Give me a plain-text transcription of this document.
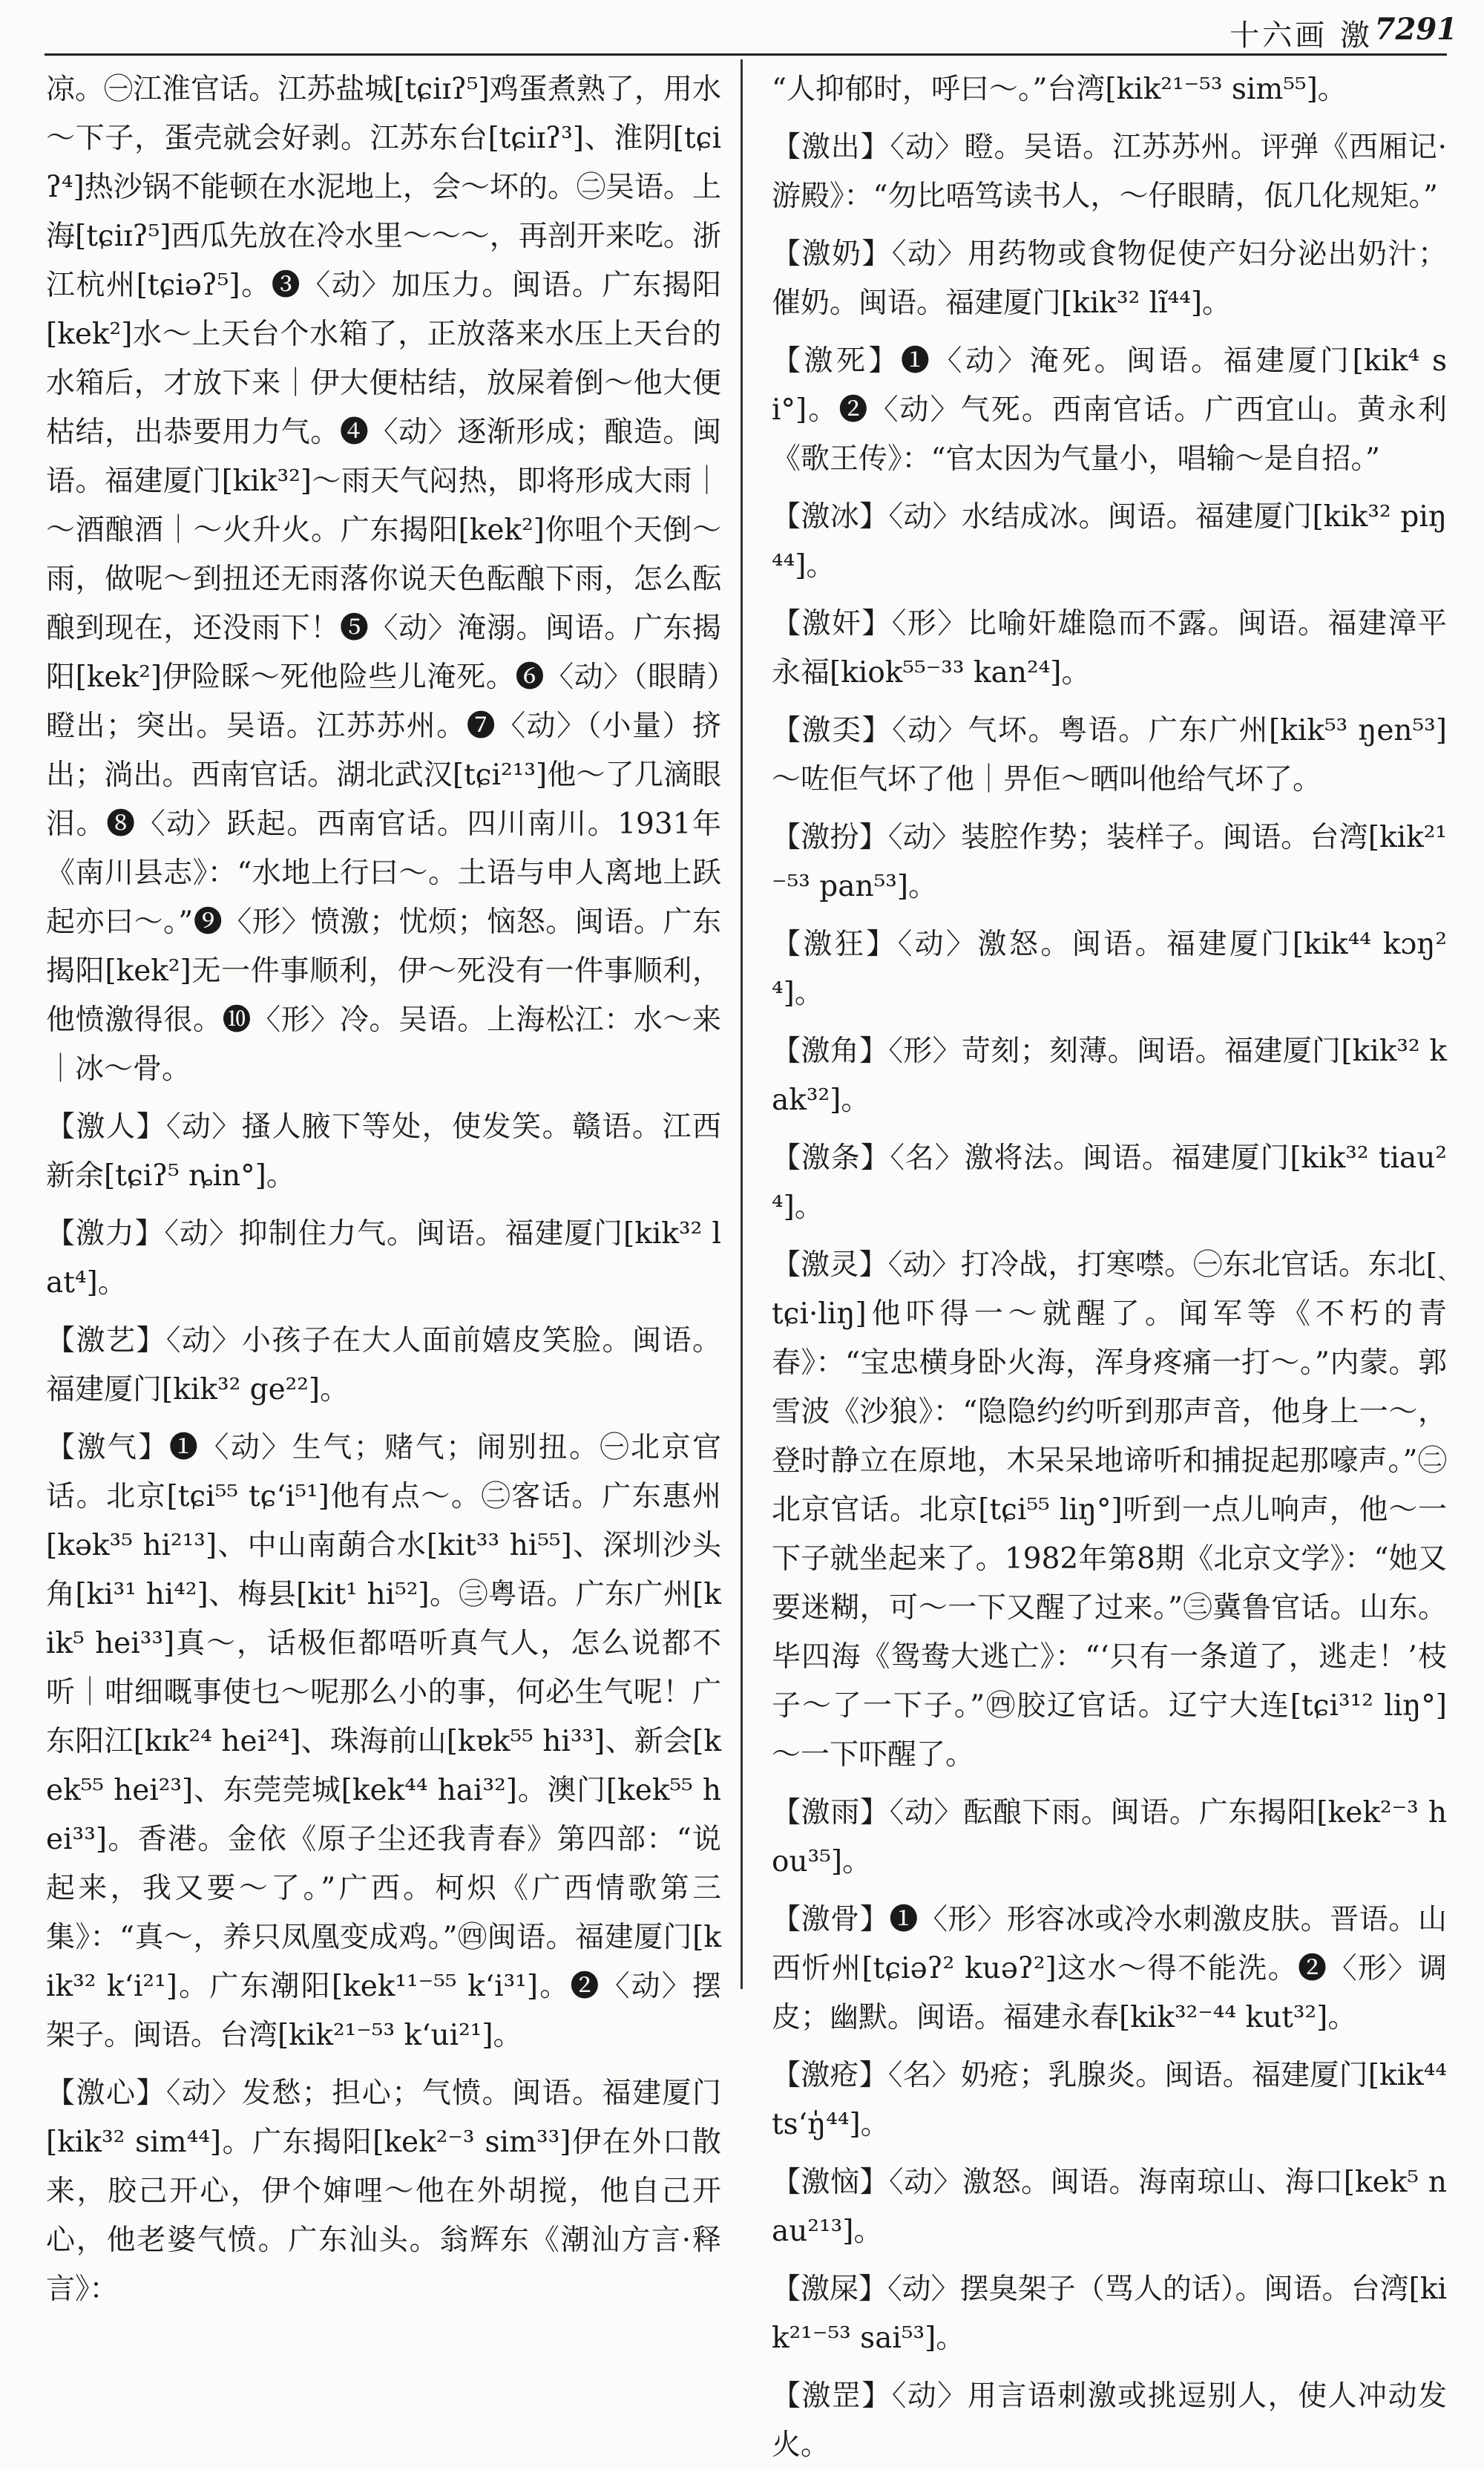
十六画 激 7291

凉。㊀江淮官话。江苏盐城[tɕiɪʔ⁵]鸡蛋煮熟了，用水～下子，蛋壳就会好剥。江苏东台[tɕiɪʔ³]、淮阴[tɕiʔ⁴]热沙锅不能顿在水泥地上，会～坏的。㊁吴语。上海[tɕiɪʔ⁵]西瓜先放在冷水里～～～，再剖开来吃。浙江杭州[tɕiəʔ⁵]。❸〈动〉加压力。闽语。广东揭阳[kek²]水～上天台个水箱了，正放落来水压上天台的水箱后，才放下来｜伊大便枯结，放屎着倒～他大便枯结，出恭要用力气。❹〈动〉逐渐形成；酿造。闽语。福建厦门[kik³²]～雨天气闷热，即将形成大雨｜～酒酿酒｜～火升火。广东揭阳[kek²]你咀个天倒～雨，做呢～到扭还无雨落你说天色酝酿下雨，怎么酝酿到现在，还没雨下！❺〈动〉淹溺。闽语。广东揭阳[kek²]伊险睬～死他险些儿淹死。❻〈动〉（眼睛）瞪出；突出。吴语。江苏苏州。❼〈动〉（小量）挤出；淌出。西南官话。湖北武汉[tɕi²¹³]他～了几滴眼泪。❽〈动〉跃起。西南官话。四川南川。1931年《南川县志》：“水地上行曰～。土语与申人离地上跃起亦曰～。”❾〈形〉愤激；忧烦；恼怒。闽语。广东揭阳[kek²]无一件事顺利，伊～死没有一件事顺利，他愤激得很。❿〈形〉冷。吴语。上海松江：水～来｜冰～骨。

【激人】〈动〉搔人腋下等处，使发笑。赣语。江西新余[tɕiʔ⁵ ȵin°]。

【激力】〈动〉抑制住力气。闽语。福建厦门[kik³² lat⁴]。

【激艺】〈动〉小孩子在大人面前嬉皮笑脸。闽语。福建厦门[kik³² ge²²]。

【激气】❶〈动〉生气；赌气；闹别扭。㊀北京官话。北京[tɕi⁵⁵ tɕʻi⁵¹]他有点～。㊁客话。广东惠州[kək³⁵ hi²¹³]、中山南蓢合水[kit³³ hi⁵⁵]、深圳沙头角[ki³¹ hi⁴²]、梅县[kit¹ hi⁵²]。㊂粤语。广东广州[kik⁵ hei³³]真～，话极佢都唔听真气人，怎么说都不听｜咁细嘅事使乜～呢那么小的事，何必生气呢！广东阳江[kɪk²⁴ hei²⁴]、珠海前山[kɐk⁵⁵ hi³³]、新会[kek⁵⁵ hei²³]、东莞莞城[kek⁴⁴ hai³²]。澳门[kek⁵⁵ hei³³]。香港。金依《原子尘还我青春》第四部：“说起来，我又要～了。”广西。柯炽《广西情歌第三集》：“真～，养只凤凰变成鸡。”㊃闽语。福建厦门[kik³² kʻi²¹]。广东潮阳[kek¹¹⁻⁵⁵ kʻi³¹]。❷〈动〉摆架子。闽语。台湾[kik²¹⁻⁵³ kʻui²¹]。

【激心】〈动〉发愁；担心；气愤。闽语。福建厦门[kik³² sim⁴⁴]。广东揭阳[kek²⁻³ sim³³]伊在外口散来，胶己开心，伊个婶哩～他在外胡搅，他自己开心，他老婆气愤。广东汕头。翁辉东《潮汕方言·释言》：

“人抑郁时，呼曰～。”台湾[kik²¹⁻⁵³ sim⁵⁵]。

【激出】〈动〉瞪。吴语。江苏苏州。评弹《西厢记·游殿》：“勿比唔笃读书人，～仔眼睛，佤几化规矩。”

【激奶】〈动〉用药物或食物促使产妇分泌出奶汁；催奶。闽语。福建厦门[kik³² lĩ⁴⁴]。

【激死】❶〈动〉淹死。闽语。福建厦门[kik⁴ si°]。❷〈动〉气死。西南官话。广西宜山。黄永利《歌王传》：“官太因为气量小，唱输～是自招。”

【激冰】〈动〉水结成冰。闽语。福建厦门[kik³² piŋ⁴⁴]。

【激奸】〈形〉比喻奸雄隐而不露。闽语。福建漳平永福[kiok⁵⁵⁻³³ kan²⁴]。

【激奀】〈动〉气坏。粤语。广东广州[kik⁵³ ŋen⁵³]～咗佢气坏了他｜畀佢～晒叫他给气坏了。

【激扮】〈动〉装腔作势；装样子。闽语。台湾[kik²¹⁻⁵³ pan⁵³]。

【激狂】〈动〉激怒。闽语。福建厦门[kik⁴⁴ kɔŋ²⁴]。

【激角】〈形〉苛刻；刻薄。闽语。福建厦门[kik³² kak³²]。

【激条】〈名〉激将法。闽语。福建厦门[kik³² tiau²⁴]。

【激灵】〈动〉打冷战，打寒噤。㊀东北官话。东北[ˏtɕi·liŋ]他吓得一～就醒了。闻军等《不朽的青春》：“宝忠横身卧火海，浑身疼痛一打～。”内蒙。郭雪波《沙狼》：“隐隐约约听到那声音，他身上一～，登时静立在原地，木呆呆地谛听和捕捉起那嚎声。”㊁北京官话。北京[tɕi⁵⁵ liŋ°]听到一点儿响声，他～一下子就坐起来了。1982年第8期《北京文学》：“她又要迷糊，可～一下又醒了过来。”㊂冀鲁官话。山东。毕四海《鸳鸯大逃亡》：“‘只有一条道了，逃走！’枝子～了一下子。”㊃胶辽官话。辽宁大连[tɕi³¹² liŋ°]～一下吓醒了。

【激雨】〈动〉酝酿下雨。闽语。广东揭阳[kek²⁻³ hou³⁵]。

【激骨】❶〈形〉形容冰或冷水刺激皮肤。晋语。山西忻州[tɕiəʔ² kuəʔ²]这水～得不能洗。❷〈形〉调皮；幽默。闽语。福建永春[kik³²⁻⁴⁴ kut³²]。

【激疮】〈名〉奶疮；乳腺炎。闽语。福建厦门[kik⁴⁴ tsʻŋ̍⁴⁴]。

【激恼】〈动〉激怒。闽语。海南琼山、海口[kek⁵ nau²¹³]。

【激屎】〈动〉摆臭架子（骂人的话）。闽语。台湾[kik²¹⁻⁵³ sai⁵³]。

【激罡】〈动〉用言语刺激或挑逗别人，使人冲动发火。
